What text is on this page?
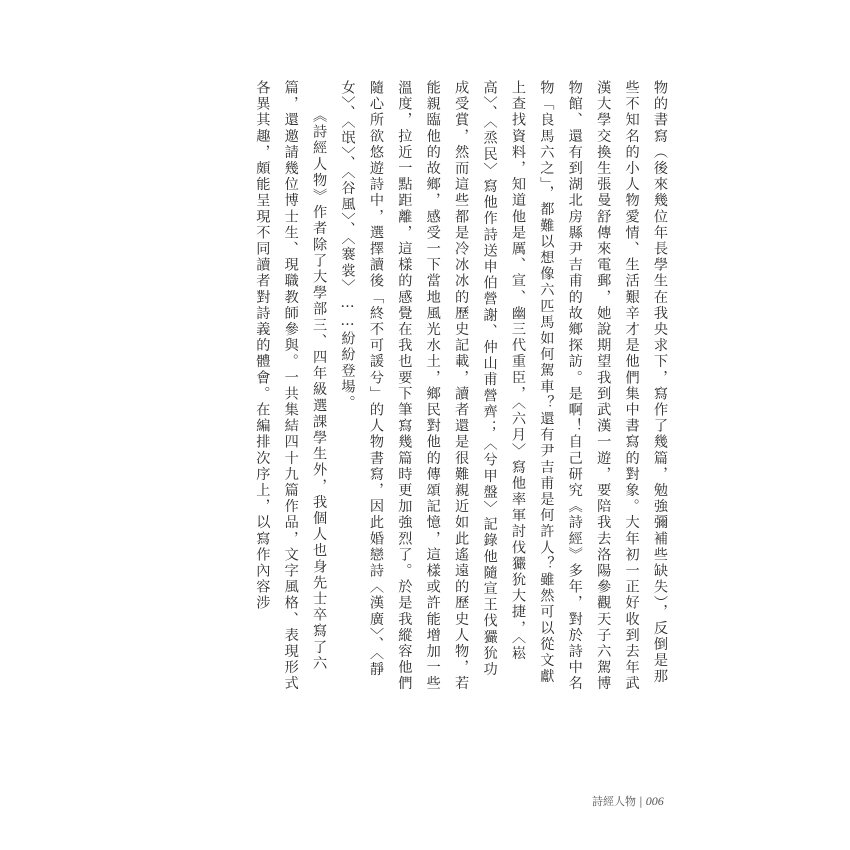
物的書寫（後來幾位年長學生在我央求下，寫作了幾篇，勉強彌補些缺失），反倒是那些不知名的小人物愛情、生活艱辛才是他們集中書寫的對象。大年初一正好收到去年武漢大學交換生張曼舒傳來電郵，她說期望我到武漢一遊，要陪我去洛陽參觀天子六駕博物館、還有到湖北房縣尹吉甫的故鄉探訪。是啊！自己研究《詩經》多年，對於詩中名物「良馬六之」，都難以想像六匹馬如何駕車？還有尹吉甫是何許人？雖然可以從文獻上查找資料，知道他是厲、宣、幽三代重臣，〈六月〉寫他率軍討伐玁狁大捷，〈崧高〉、〈烝民〉寫他作詩送申伯營謝、仲山甫營齊；〈兮甲盤〉記錄他隨宣王伐玁狁功成受賞，然而這些都是冷冰冰的歷史記載，讀者還是很難親近如此遙遠的歷史人物，若能親臨他的故鄉，感受一下當地風光水土，鄉民對他的傳頌記憶，這樣或許能增加一些溫度，拉近一點距離，這樣的感覺在我也要下筆寫幾篇時更加強烈了。於是我縱容他們隨心所欲悠遊詩中，選擇讀後「終不可諼兮」的人物書寫，因此婚戀詩〈漢廣〉、〈靜女〉、〈氓〉、〈谷風〉、〈褰裳〉……紛紛登場。

《詩經人物》作者除了大學部三、四年級選課學生外，我個人也身先士卒寫了六篇，還邀請幾位博士生、現職教師參與。一共集結四十九篇作品，文字風格、表現形式各異其趣，頗能呈現不同讀者對詩義的體會。在編排次序上，以寫作內容涉

詩經人物 | 006
